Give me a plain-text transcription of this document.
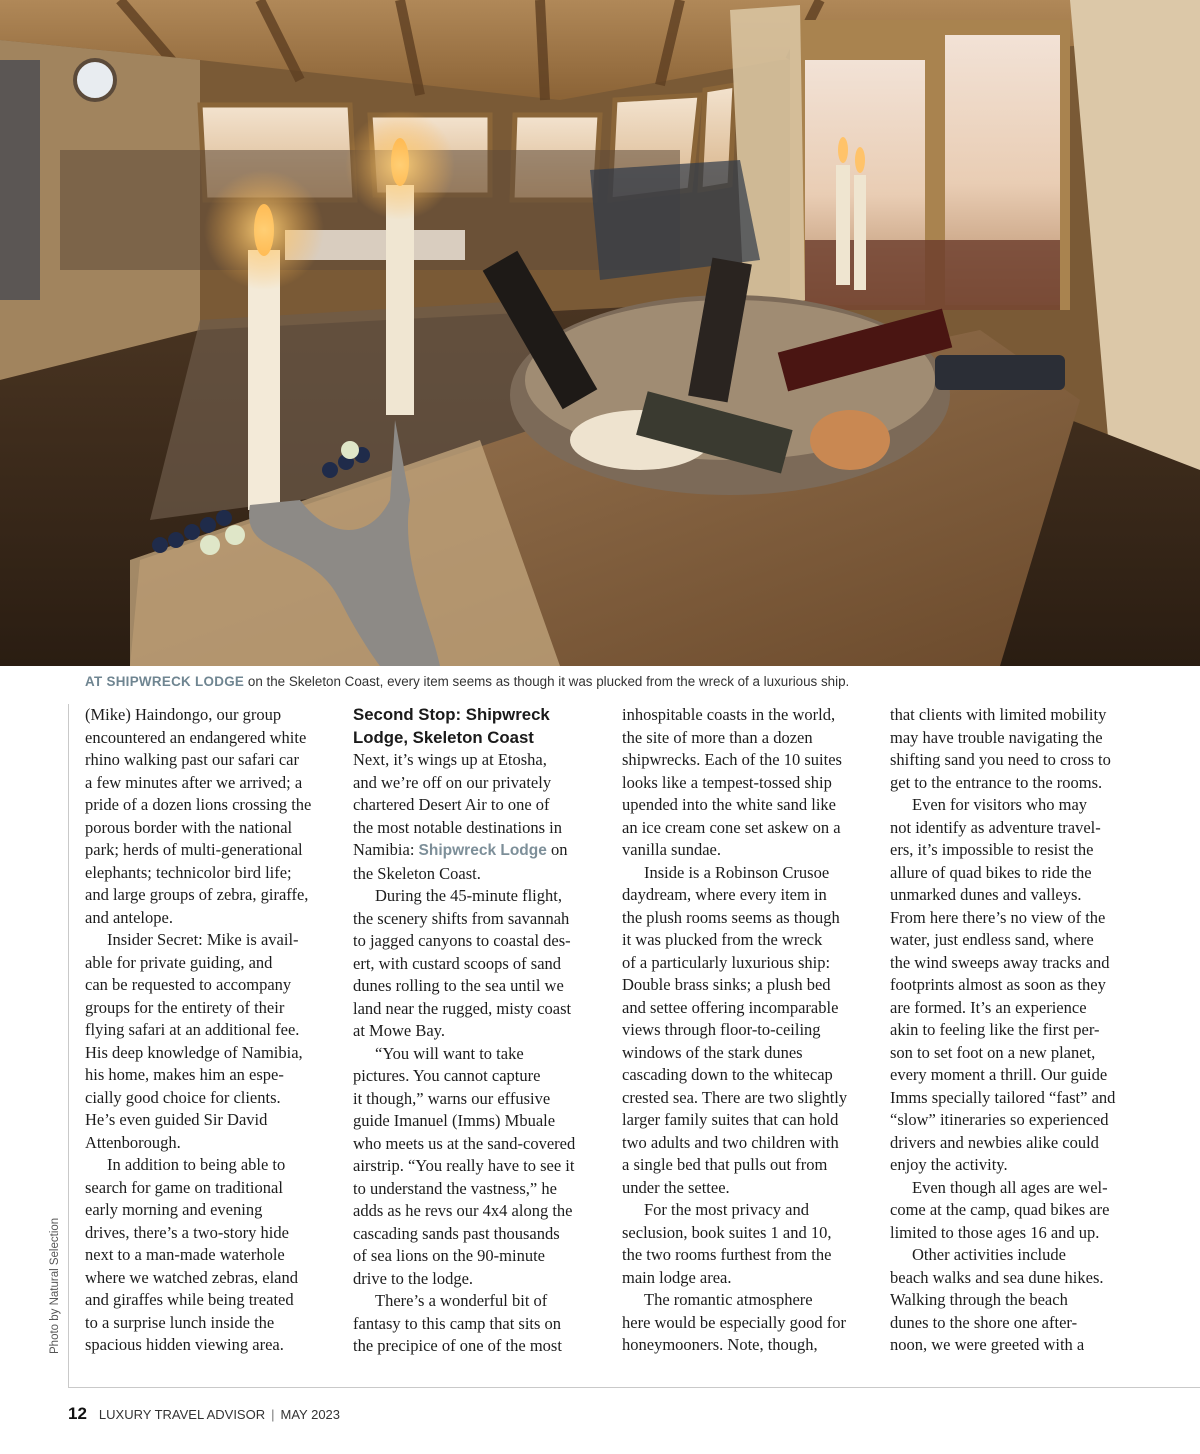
AT SHIPWRECK LODGE on the Skeleton Coast, every item seems as though it was plucked from the wreck of a luxurious ship.
Photo by Natural Selection
(Mike) Haindongo, our group
encountered an endangered white
rhino walking past our safari car
a few minutes after we arrived; a
pride of a dozen lions crossing the
porous border with the national
park; herds of multi-generational
elephants; technicolor bird life;
and large groups of zebra, giraffe,
and antelope.
Insider Secret: Mike is avail-
able for private guiding, and
can be requested to accompany
groups for the entirety of their
flying safari at an additional fee.
His deep knowledge of Namibia,
his home, makes him an espe-
cially good choice for clients.
He’s even guided Sir David
Attenborough.
In addition to being able to
search for game on traditional
early morning and evening
drives, there’s a two-story hide
next to a man-made waterhole
where we watched zebras, eland
and giraffes while being treated
to a surprise lunch inside the
spacious hidden viewing area.
Second Stop: Shipwreck
Lodge, Skeleton Coast
Next, it’s wings up at Etosha,
and we’re off on our privately
chartered Desert Air to one of
the most notable destinations in
Namibia: Shipwreck Lodge on
the Skeleton Coast.
During the 45-minute flight,
the scenery shifts from savannah
to jagged canyons to coastal des-
ert, with custard scoops of sand
dunes rolling to the sea until we
land near the rugged, misty coast
at Mowe Bay.
“You will want to take
pictures. You cannot capture
it though,” warns our effusive
guide Imanuel (Imms) Mbuale
who meets us at the sand-covered
airstrip. “You really have to see it
to understand the vastness,” he
adds as he revs our 4x4 along the
cascading sands past thousands
of sea lions on the 90-minute
drive to the lodge.
There’s a wonderful bit of
fantasy to this camp that sits on
the precipice of one of the most
inhospitable coasts in the world,
the site of more than a dozen
shipwrecks. Each of the 10 suites
looks like a tempest-tossed ship
upended into the white sand like
an ice cream cone set askew on a
vanilla sundae.
Inside is a Robinson Crusoe
daydream, where every item in
the plush rooms seems as though
it was plucked from the wreck
of a particularly luxurious ship:
Double brass sinks; a plush bed
and settee offering incomparable
views through floor-to-ceiling
windows of the stark dunes
cascading down to the whitecap
crested sea. There are two slightly
larger family suites that can hold
two adults and two children with
a single bed that pulls out from
under the settee.
For the most privacy and
seclusion, book suites 1 and 10,
the two rooms furthest from the
main lodge area.
The romantic atmosphere
here would be especially good for
honeymooners. Note, though,
that clients with limited mobility
may have trouble navigating the
shifting sand you need to cross to
get to the entrance to the rooms.
Even for visitors who may
not identify as adventure travel-
ers, it’s impossible to resist the
allure of quad bikes to ride the
unmarked dunes and valleys.
From here there’s no view of the
water, just endless sand, where
the wind sweeps away tracks and
footprints almost as soon as they
are formed. It’s an experience
akin to feeling like the first per-
son to set foot on a new planet,
every moment a thrill. Our guide
Imms specially tailored “fast” and
“slow” itineraries so experienced
drivers and newbies alike could
enjoy the activity.
Even though all ages are wel-
come at the camp, quad bikes are
limited to those ages 16 and up.
Other activities include
beach walks and sea dune hikes.
Walking through the beach
dunes to the shore one after-
noon, we were greeted with a
12 LUXURY TRAVEL ADVISOR | MAY 2023
